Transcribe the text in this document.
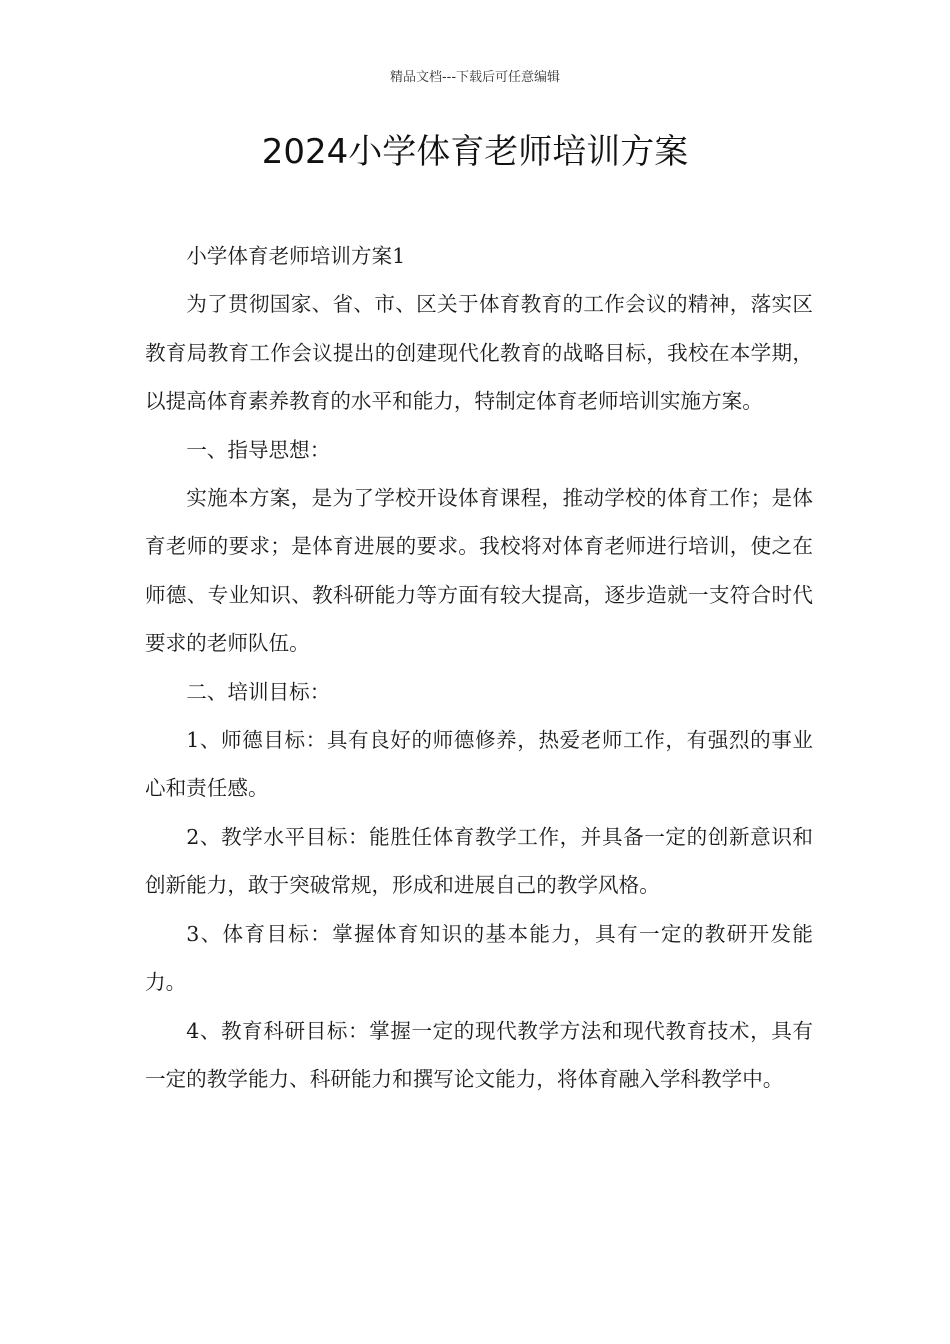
精品文档---下载后可任意编辑
2024小学体育老师培训方案

小学体育老师培训方案1

为了贯彻国家、省、市、区关于体育教育的工作会议的精神，落实区教育局教育工作会议提出的创建现代化教育的战略目标，我校在本学期，以提高体育素养教育的水平和能力，特制定体育老师培训实施方案。

一、指导思想：

实施本方案，是为了学校开设体育课程，推动学校的体育工作；是体育老师的要求；是体育进展的要求。我校将对体育老师进行培训，使之在师德、专业知识、教科研能力等方面有较大提高，逐步造就一支符合时代要求的老师队伍。

二、培训目标：

1、师德目标：具有良好的师德修养，热爱老师工作，有强烈的事业心和责任感。

2、教学水平目标：能胜任体育教学工作，并具备一定的创新意识和创新能力，敢于突破常规，形成和进展自己的教学风格。

3、体育目标：掌握体育知识的基本能力，具有一定的教研开发能力。

4、教育科研目标：掌握一定的现代教学方法和现代教育技术，具有一定的教学能力、科研能力和撰写论文能力，将体育融入学科教学中。
